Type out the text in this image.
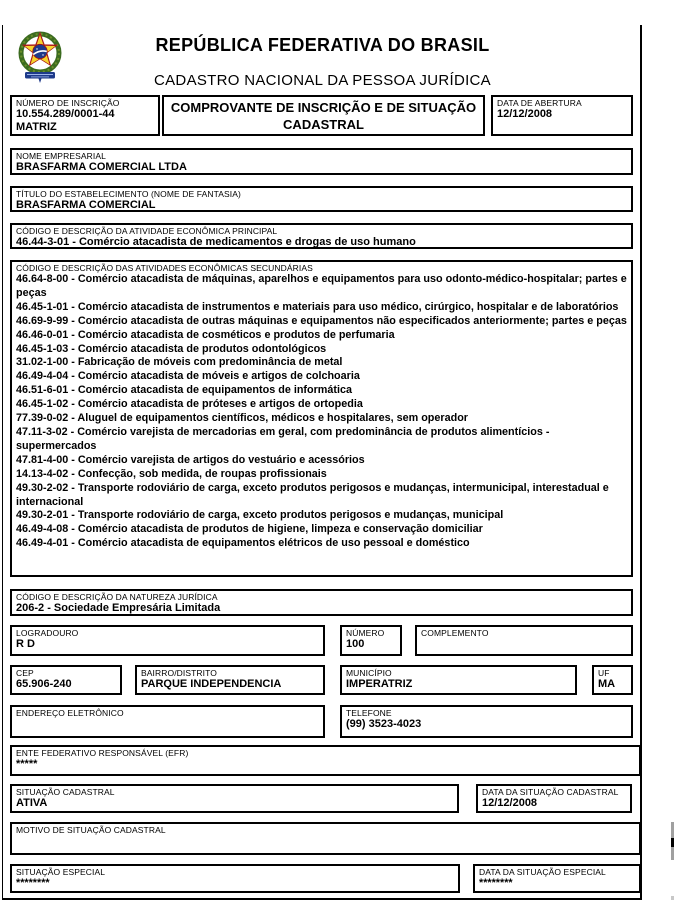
REPÚBLICA FEDERATIVA DO BRASIL
CADASTRO NACIONAL DA PESSOA JURÍDICA
NÚMERO DE INSCRIÇÃO
10.554.289/0001-44
MATRIZ
COMPROVANTE DE INSCRIÇÃO E DE SITUAÇÃO CADASTRAL
DATA DE ABERTURA
12/12/2008
NOME EMPRESARIAL
BRASFARMA COMERCIAL LTDA
TÍTULO DO ESTABELECIMENTO (NOME DE FANTASIA)
BRASFARMA COMERCIAL
CÓDIGO E DESCRIÇÃO DA ATIVIDADE ECONÔMICA PRINCIPAL
46.44-3-01 - Comércio atacadista de medicamentos e drogas de uso humano
CÓDIGO E DESCRIÇÃO DAS ATIVIDADES ECONÔMICAS SECUNDÁRIAS
46.64-8-00 - Comércio atacadista de máquinas, aparelhos e equipamentos para uso odonto-médico-hospitalar; partes e peças
46.45-1-01 - Comércio atacadista de instrumentos e materiais para uso médico, cirúrgico, hospitalar e de laboratórios
46.69-9-99 - Comércio atacadista de outras máquinas e equipamentos não especificados anteriormente; partes e peças
46.46-0-01 - Comércio atacadista de cosméticos e produtos de perfumaria
46.45-1-03 - Comércio atacadista de produtos odontológicos
31.02-1-00 - Fabricação de móveis com predominância de metal
46.49-4-04 - Comércio atacadista de móveis e artigos de colchoaria
46.51-6-01 - Comércio atacadista de equipamentos de informática
46.45-1-02 - Comércio atacadista de próteses e artigos de ortopedia
77.39-0-02 - Aluguel de equipamentos científicos, médicos e hospitalares, sem operador
47.11-3-02 - Comércio varejista de mercadorias em geral, com predominância de produtos alimentícios - supermercados
47.81-4-00 - Comércio varejista de artigos do vestuário e acessórios
14.13-4-02 - Confecção, sob medida, de roupas profissionais
49.30-2-02 - Transporte rodoviário de carga, exceto produtos perigosos e mudanças, intermunicipal, interestadual e internacional
49.30-2-01 - Transporte rodoviário de carga, exceto produtos perigosos e mudanças, municipal
46.49-4-08 - Comércio atacadista de produtos de higiene, limpeza e conservação domiciliar
46.49-4-01 - Comércio atacadista de equipamentos elétricos de uso pessoal e doméstico
CÓDIGO E DESCRIÇÃO DA NATUREZA JURÍDICA
206-2 - Sociedade Empresária Limitada
LOGRADOURO
R D
NÚMERO
100
COMPLEMENTO
CEP
65.906-240
BAIRRO/DISTRITO
PARQUE INDEPENDENCIA
MUNICÍPIO
IMPERATRIZ
UF
MA
ENDEREÇO ELETRÔNICO	TELEFONE
(99) 3523-4023
ENTE FEDERATIVO RESPONSÁVEL (EFR)
*****
SITUAÇÃO CADASTRAL
ATIVA
DATA DA SITUAÇÃO CADASTRAL
12/12/2008
MOTIVO DE SITUAÇÃO CADASTRAL
SITUAÇÃO ESPECIAL
********
DATA DA SITUAÇÃO ESPECIAL
********
